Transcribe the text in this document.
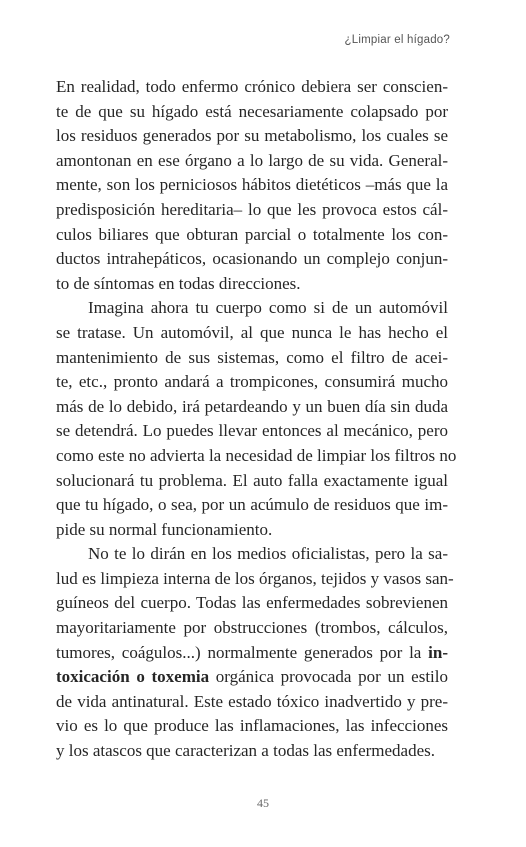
¿Limpiar el hígado?
En realidad, todo enfermo crónico debiera ser conscien-
te de que su hígado está necesariamente colapsado por
los residuos generados por su metabolismo, los cuales se
amontonan en ese órgano a lo largo de su vida. General-
mente, son los perniciosos hábitos dietéticos –más que la
predisposición hereditaria– lo que les provoca estos cál-
culos biliares que obturan parcial o totalmente los con-
ductos intrahepáticos, ocasionando un complejo conjun-
to de síntomas en todas direcciones.
Imagina ahora tu cuerpo como si de un automóvil
se tratase. Un automóvil, al que nunca le has hecho el
mantenimiento de sus sistemas, como el filtro de acei-
te, etc., pronto andará a trompicones, consumirá mucho
más de lo debido, irá petardeando y un buen día sin duda
se detendrá. Lo puedes llevar entonces al mecánico, pero
como este no advierta la necesidad de limpiar los filtros no
solucionará tu problema. El auto falla exactamente igual
que tu hígado, o sea, por un acúmulo de residuos que im-
pide su normal funcionamiento.
No te lo dirán en los medios oficialistas, pero la sa-
lud es limpieza interna de los órganos, tejidos y vasos san-
guíneos del cuerpo. Todas las enfermedades sobrevienen
mayoritariamente por obstrucciones (trombos, cálculos,
tumores, coágulos...) normalmente generados por la in-
toxicación o toxemia orgánica provocada por un estilo
de vida antinatural. Este estado tóxico inadvertido y pre-
vio es lo que produce las inflamaciones, las infecciones
y los atascos que caracterizan a todas las enfermedades.
45
